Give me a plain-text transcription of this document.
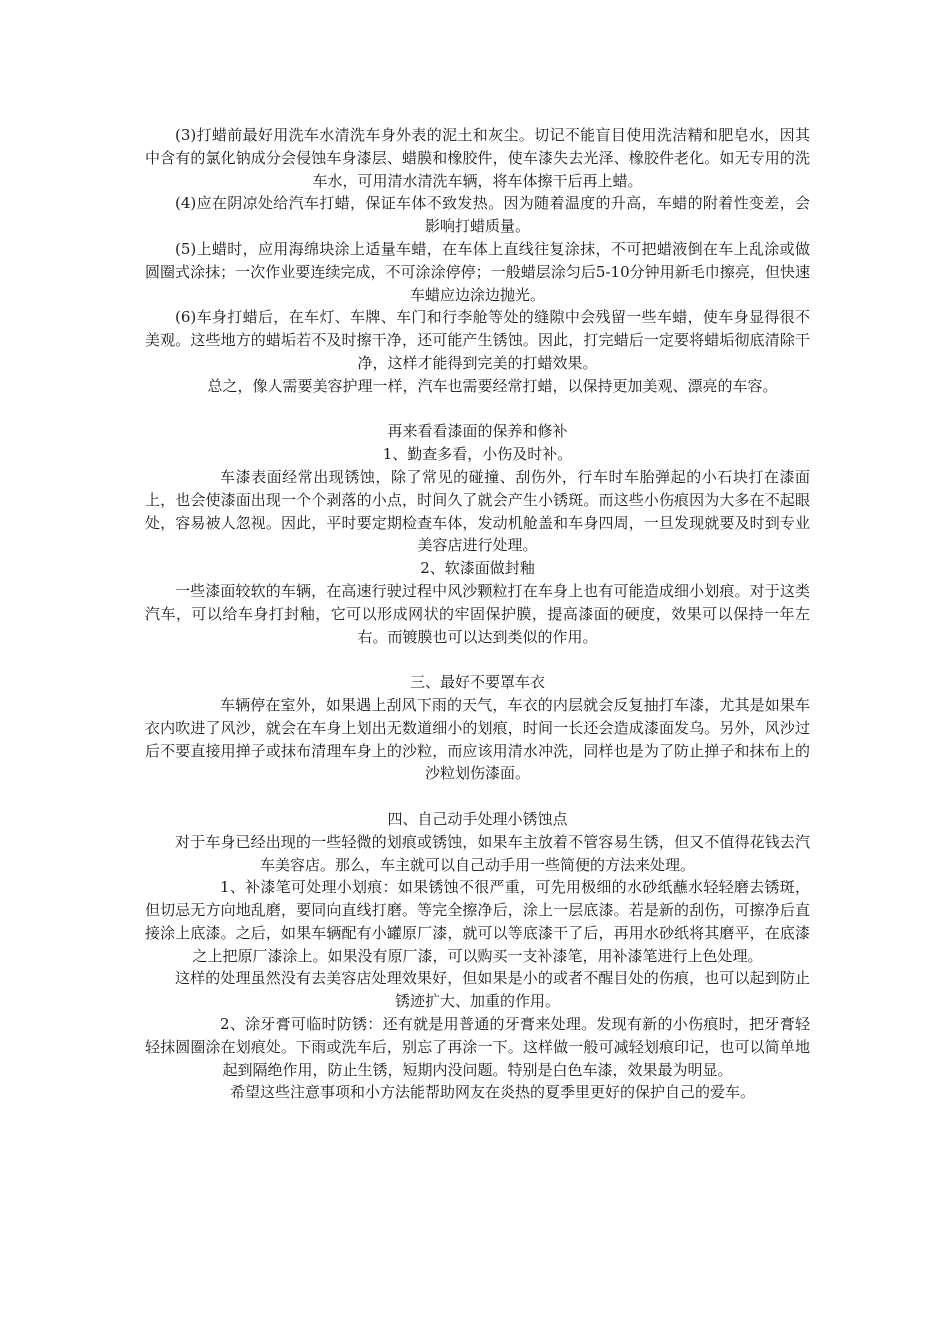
(3)打蜡前最好用洗车水清洗车身外表的泥土和灰尘。切记不能盲目使用洗洁精和肥皂水，因其中含有的氯化钠成分会侵蚀车身漆层、蜡膜和橡胶件，使车漆失去光泽、橡胶件老化。如无专用的洗车水，可用清水清洗车辆，将车体擦干后再上蜡。

(4)应在阴凉处给汽车打蜡，保证车体不致发热。因为随着温度的升高，车蜡的附着性变差，会影响打蜡质量。

(5)上蜡时，应用海绵块涂上适量车蜡，在车体上直线往复涂抹，不可把蜡液倒在车上乱涂或做圆圈式涂抹；一次作业要连续完成，不可涂涂停停；一般蜡层涂匀后5-10分钟用新毛巾擦亮，但快速车蜡应边涂边抛光。

(6)车身打蜡后，在车灯、车牌、车门和行李舱等处的缝隙中会残留一些车蜡，使车身显得很不美观。这些地方的蜡垢若不及时擦干净，还可能产生锈蚀。因此，打完蜡后一定要将蜡垢彻底清除干净，这样才能得到完美的打蜡效果。

总之，像人需要美容护理一样，汽车也需要经常打蜡，以保持更加美观、漂亮的车容。

再来看看漆面的保养和修补

1、勤查多看，小伤及时补。

车漆表面经常出现锈蚀，除了常见的碰撞、刮伤外，行车时车胎弹起的小石块打在漆面上，也会使漆面出现一个个剥落的小点，时间久了就会产生小锈斑。而这些小伤痕因为大多在不起眼处，容易被人忽视。因此，平时要定期检查车体，发动机舱盖和车身四周，一旦发现就要及时到专业美容店进行处理。

2、软漆面做封釉

一些漆面较软的车辆，在高速行驶过程中风沙颗粒打在车身上也有可能造成细小划痕。对于这类汽车，可以给车身打封釉，它可以形成网状的牢固保护膜，提高漆面的硬度，效果可以保持一年左右。而镀膜也可以达到类似的作用。

三、最好不要罩车衣

车辆停在室外，如果遇上刮风下雨的天气，车衣的内层就会反复抽打车漆，尤其是如果车衣内吹进了风沙，就会在车身上划出无数道细小的划痕，时间一长还会造成漆面发乌。另外，风沙过后不要直接用掸子或抹布清理车身上的沙粒，而应该用清水冲洗，同样也是为了防止掸子和抹布上的沙粒划伤漆面。

四、自己动手处理小锈蚀点

对于车身已经出现的一些轻微的划痕或锈蚀，如果车主放着不管容易生锈，但又不值得花钱去汽车美容店。那么，车主就可以自己动手用一些简便的方法来处理。

1、补漆笔可处理小划痕：如果锈蚀不很严重，可先用极细的水砂纸蘸水轻轻磨去锈斑，但切忌无方向地乱磨，要同向直线打磨。等完全擦净后，涂上一层底漆。若是新的刮伤，可擦净后直接涂上底漆。之后，如果车辆配有小罐原厂漆，就可以等底漆干了后，再用水砂纸将其磨平，在底漆之上把原厂漆涂上。如果没有原厂漆，可以购买一支补漆笔，用补漆笔进行上色处理。

这样的处理虽然没有去美容店处理效果好，但如果是小的或者不醒目处的伤痕，也可以起到防止锈迹扩大、加重的作用。

2、涂牙膏可临时防锈：还有就是用普通的牙膏来处理。发现有新的小伤痕时，把牙膏轻轻抹圆圈涂在划痕处。下雨或洗车后，别忘了再涂一下。这样做一般可减轻划痕印记，也可以简单地起到隔绝作用，防止生锈，短期内没问题。特别是白色车漆，效果最为明显。

希望这些注意事项和小方法能帮助网友在炎热的夏季里更好的保护自己的爱车。
